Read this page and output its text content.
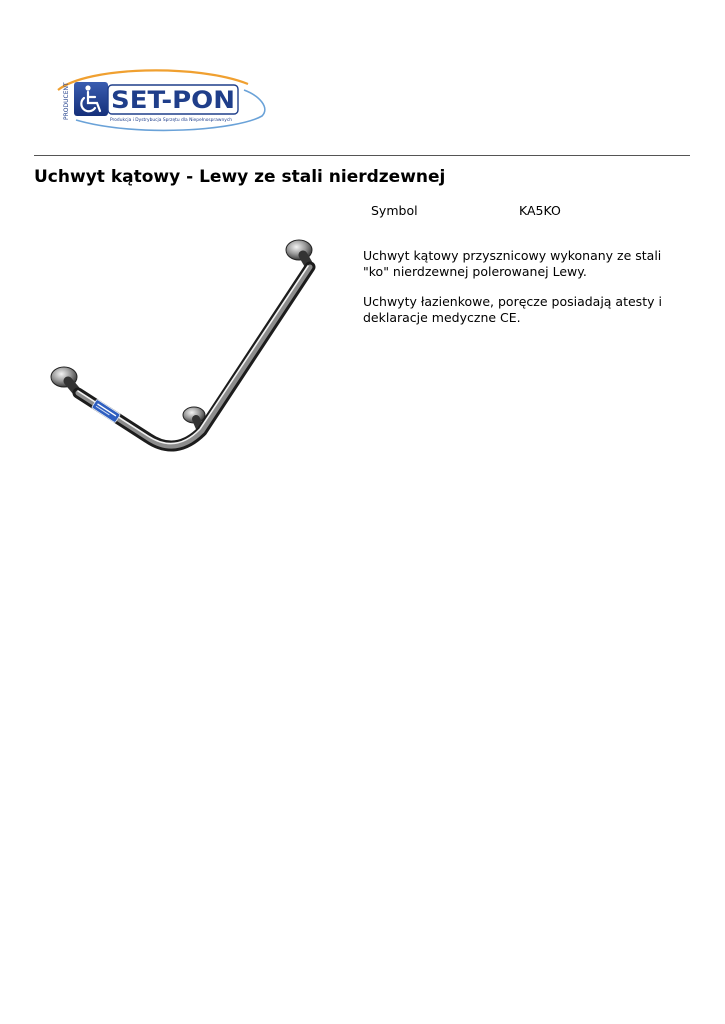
PRODUCENT SET-PON
Produkcja i Dystrybucja Sprzętu dla Niepełnosprawnych
Uchwyt kątowy - Lewy ze stali nierdzewnej
Symbol	KA5KO

Uchwyt kątowy przysznicowy wykonany ze stali "ko" nierdzewnej polerowanej Lewy.

Uchwyty łazienkowe, poręcze posiadają atesty i deklaracje medyczne CE.
